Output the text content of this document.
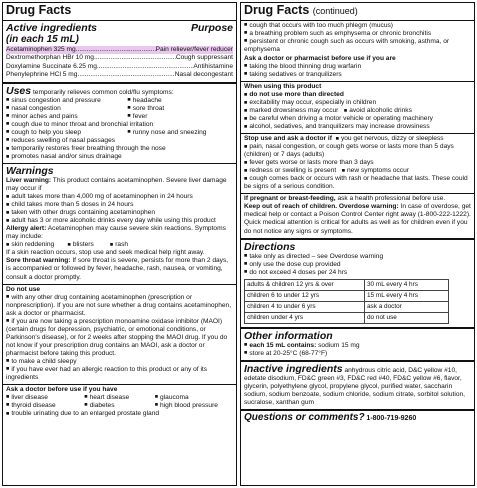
Drug Facts
Active ingredients	Purpose
(in each 15 mL)
Acetaminophen 325 mg .....	Pain reliever/fever reducer
Dextromethorphan HBr 10 mg .....	Cough suppressant
Doxylamine Succinate 6.25 mg .....	Antihistamine
Phenylephrine HCl 5 mg .....	Nasal decongestant
Uses temporarily relieves common cold/flu symptoms:
■ sinus congestion and pressure	■ headache
■ nasal congestion	■ sore throat
■ minor aches and pains	■ fever
■ cough due to minor throat and bronchial irritation
■ cough to help you sleep	■ runny nose and sneezing
■ reduces swelling of nasal passages
■ temporarily restores freer breathing through the nose
■ promotes nasal and/or sinus drainage
Warnings
Liver warning: This product contains acetaminophen. Severe liver damage may occur if
■ adult takes more than 4,000 mg of acetaminophen in 24 hours
■ child takes more than 5 doses in 24 hours
■ taken with other drugs containing acetaminophen
■ adult has 3 or more alcoholic drinks every day while using this product
Allergy alert: Acetaminophen may cause severe skin reactions. Symptoms may include:
■ skin reddening	■ blisters	■ rash
If a skin reaction occurs, stop use and seek medical help right away.
Sore throat warning: If sore throat is severe, persists for more than 2 days, is accompanied or followed by fever, headache, rash, nausea, or vomiting, consult a doctor promptly.
Do not use
■ with any other drug containing acetaminophen (prescription or nonprescription). If you are not sure whether a drug contains acetaminophen, ask a doctor or pharmacist.
■ if you are now taking a prescription monoamine oxidase inhibitor (MAOI) (certain drugs for depression, psychiatric, or emotional conditions, or Parkinson's disease), or for 2 weeks after stopping the MAOI drug. If you do not know if your prescription drug contains an MAOI, ask a doctor or pharmacist before taking this product.
■ to make a child sleepy
■ if you have ever had an allergic reaction to this product or any of its ingredients
Ask a doctor before use if you have
■ liver disease	■ heart disease	■ glaucoma
■ thyroid disease	■ diabetes	■ high blood pressure
■ trouble urinating due to an enlarged prostate gland
Drug Facts (continued)
■ cough that occurs with too much phlegm (mucus)
■ a breathing problem such as emphysema or chronic bronchitis
■ persistent or chronic cough such as occurs with smoking, asthma, or emphysema
Ask a doctor or pharmacist before use if you are
■ taking the blood thinning drug warfarin
■ taking sedatives or tranquilizers
When using this product
■ do not use more than directed
■ excitability may occur, especially in children
■ marked drowsiness may occur ■ avoid alcoholic drinks
■ be careful when driving a motor vehicle or operating machinery
■ alcohol, sedatives, and tranquilizers may increase drowsiness
Stop use and ask a doctor if ■ you get nervous, dizzy or sleepless
■ pain, nasal congestion, or cough gets worse or lasts more than 5 days (children) or 7 days (adults)
■ fever gets worse or lasts more than 3 days
■ redness or swelling is present ■ new symptoms occur
■ cough comes back or occurs with rash or headache that lasts. These could be signs of a serious condition.
If pregnant or breast-feeding, ask a health professional before use.
Keep out of reach of children. Overdose warning: In case of overdose, get medical help or contact a Poison Control Center right away (1-800-222-1222). Quick medical attention is critical for adults as well as for children even if you do not notice any signs or symptoms.
Directions
■ take only as directed – see Overdose warning
■ only use the dose cup provided
■ do not exceed 4 doses per 24 hrs
adults & children 12 yrs & over	30 mL every 4 hrs
children 6 to under 12 yrs	15 mL every 4 hrs
children 4 to under 6 yrs	ask a doctor
children under 4 yrs	do not use
Other information
■ each 15 mL contains: sodium 15 mg
■ store at 20-25°C (68-77°F)
Inactive ingredients anhydrous citric acid, D&C yellow #10, edetate disodium, FD&C green #3, FD&C red #40, FD&C yellow #6, flavor, glycerin, polyethylene glycol, propylene glycol, purified water, saccharin sodium, sodium benzoate, sodium chloride, sodium citrate, sorbitol solution, sucralose, xanthan gum
Questions or comments? 1-800-719-9260
